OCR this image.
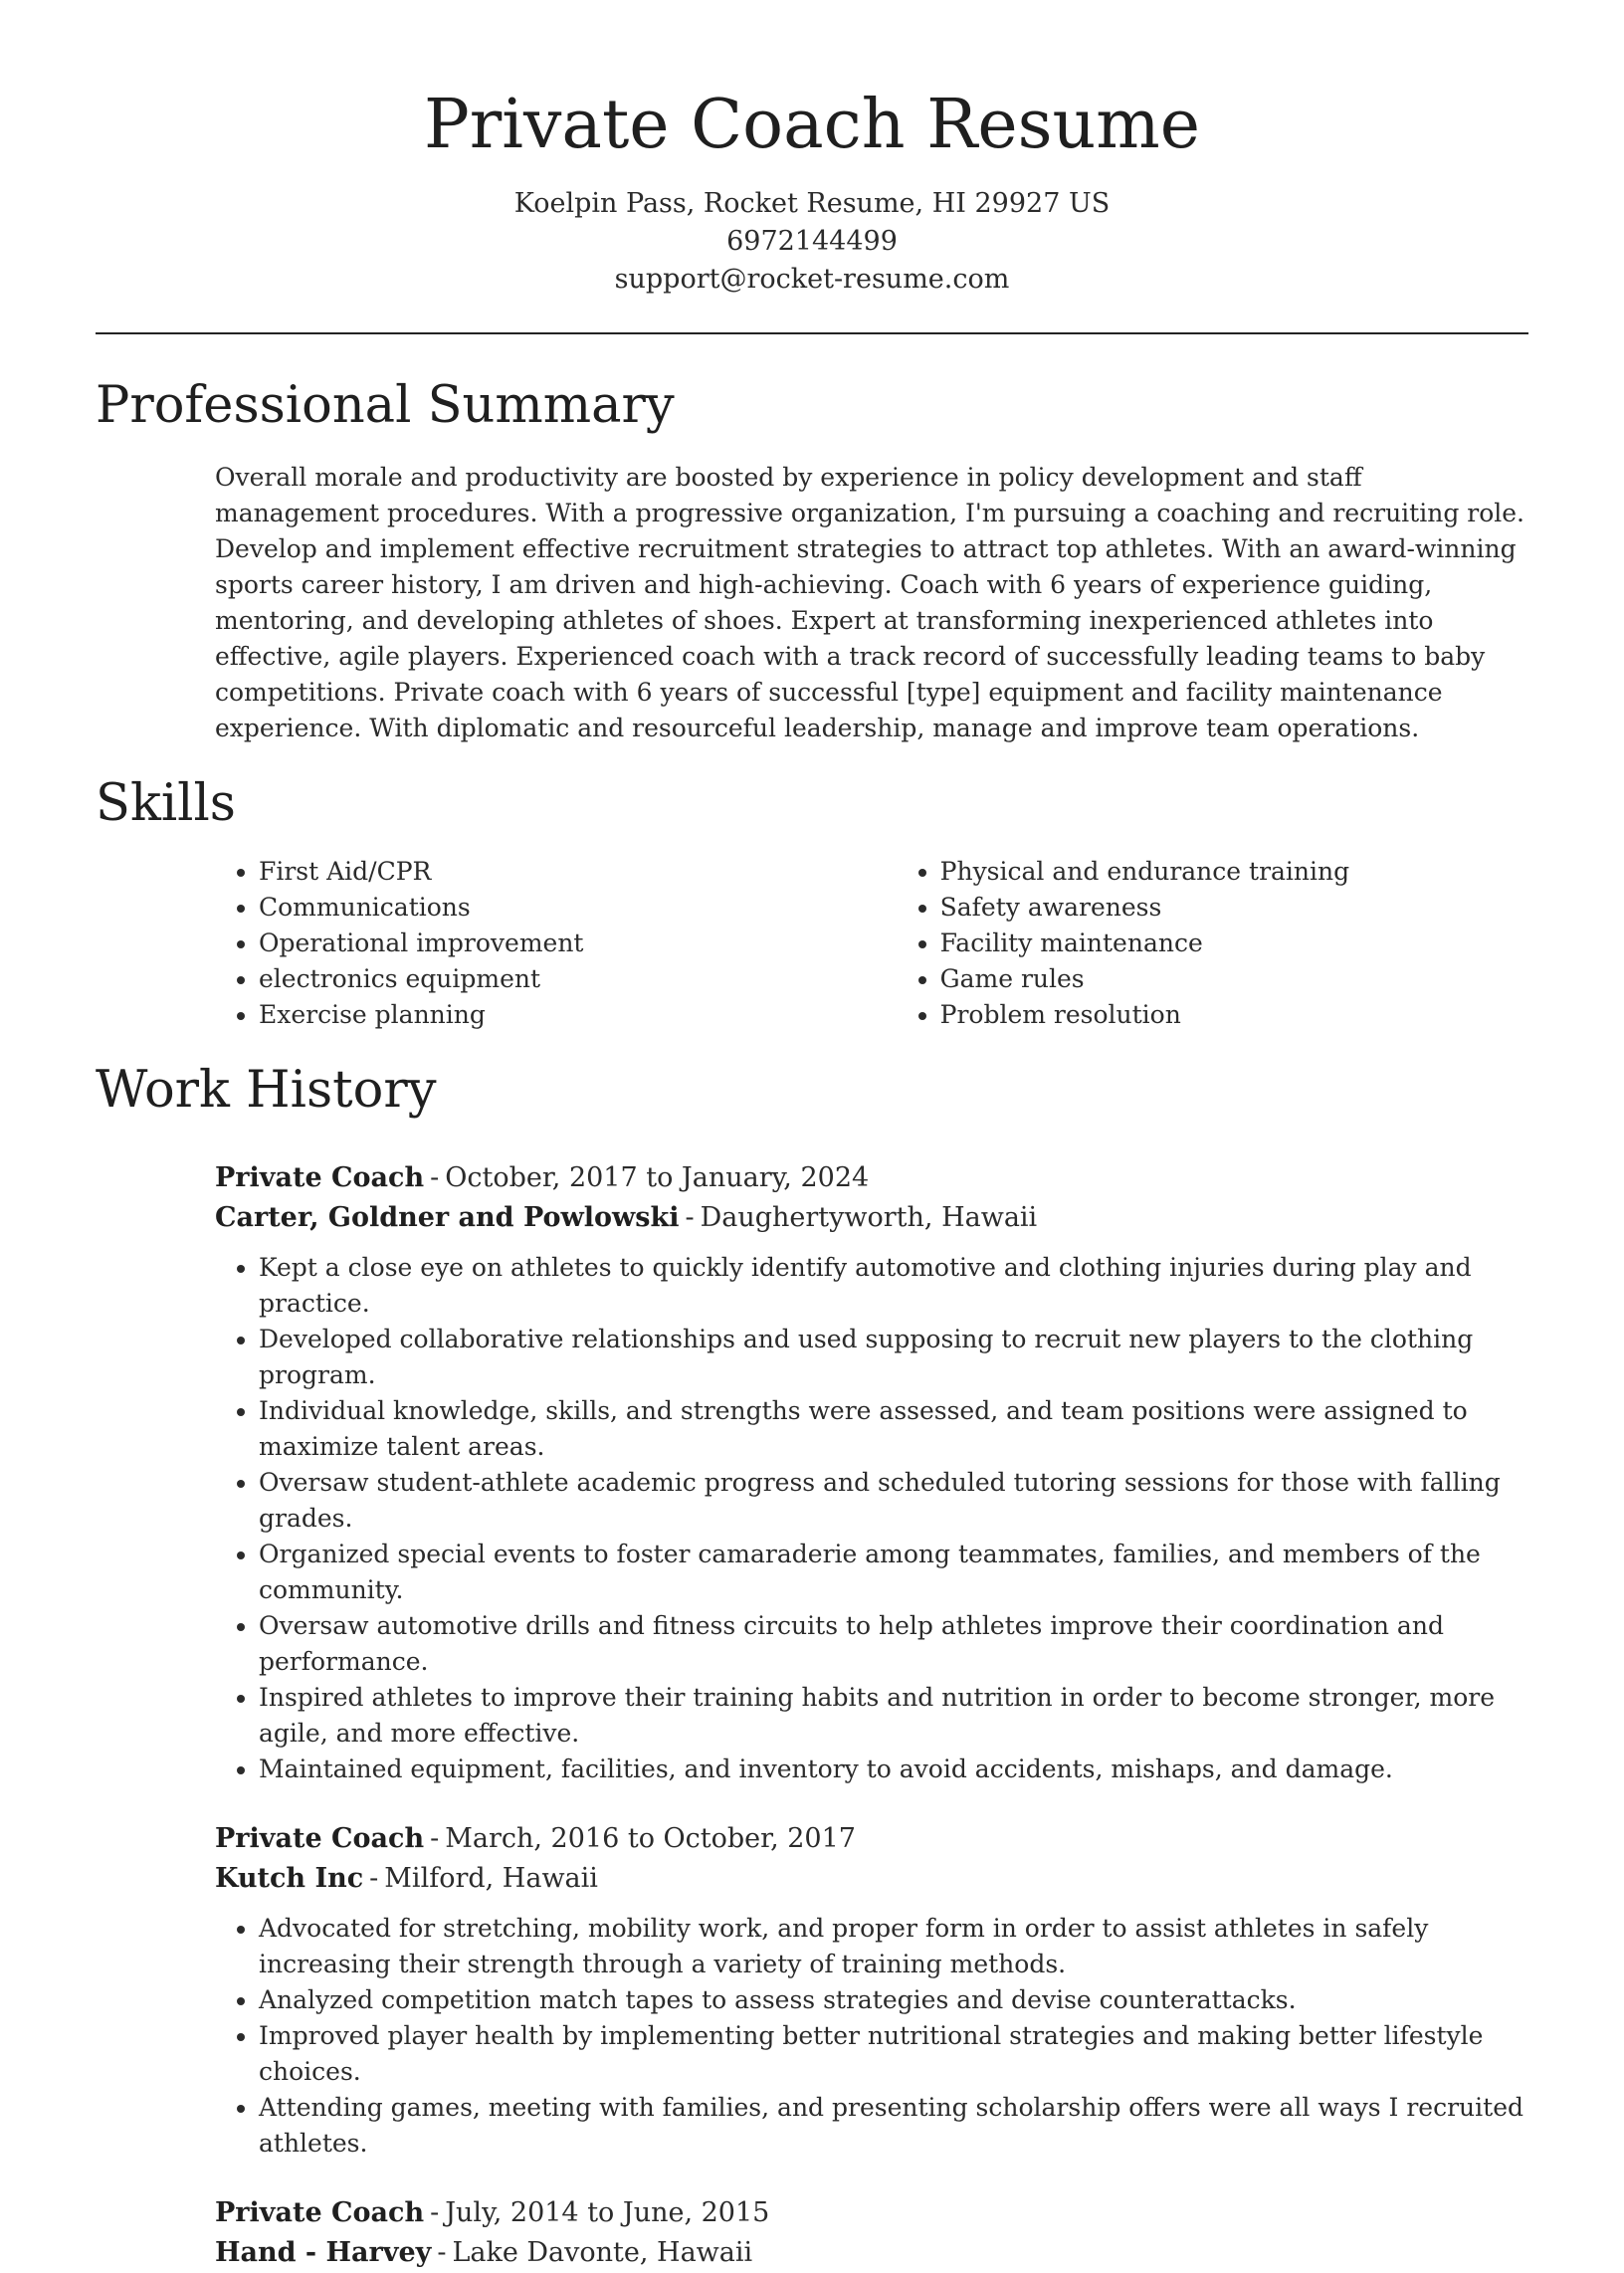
Private Coach Resume
Koelpin Pass, Rocket Resume, HI 29927 US
6972144499
support@rocket-resume.com
Professional Summary

Overall morale and productivity are boosted by experience in policy development and staff management procedures. With a progressive organization, I'm pursuing a coaching and recruiting role. Develop and implement effective recruitment strategies to attract top athletes. With an award-winning sports career history, I am driven and high-achieving. Coach with 6 years of experience guiding, mentoring, and developing athletes of shoes. Expert at transforming inexperienced athletes into effective, agile players. Experienced coach with a track record of successfully leading teams to baby competitions. Private coach with 6 years of successful [type] equipment and facility maintenance experience. With diplomatic and resourceful leadership, manage and improve team operations.

Skills
• First Aid/CPR
• Communications
• Operational improvement
• electronics equipment
• Exercise planning
• Physical and endurance training
• Safety awareness
• Facility maintenance
• Game rules
• Problem resolution
Work History
Private Coach - October, 2017 to January, 2024
Carter, Goldner and Powlowski - Daughertyworth, Hawaii
• Kept a close eye on athletes to quickly identify automotive and clothing injuries during play and practice.
• Developed collaborative relationships and used supposing to recruit new players to the clothing program.
• Individual knowledge, skills, and strengths were assessed, and team positions were assigned to maximize talent areas.
• Oversaw student-athlete academic progress and scheduled tutoring sessions for those with falling grades.
• Organized special events to foster camaraderie among teammates, families, and members of the community.
• Oversaw automotive drills and fitness circuits to help athletes improve their coordination and performance.
• Inspired athletes to improve their training habits and nutrition in order to become stronger, more agile, and more effective.
• Maintained equipment, facilities, and inventory to avoid accidents, mishaps, and damage.
Private Coach - March, 2016 to October, 2017
Kutch Inc - Milford, Hawaii
• Advocated for stretching, mobility work, and proper form in order to assist athletes in safely increasing their strength through a variety of training methods.
• Analyzed competition match tapes to assess strategies and devise counterattacks.
• Improved player health by implementing better nutritional strategies and making better lifestyle choices.
• Attending games, meeting with families, and presenting scholarship offers were all ways I recruited athletes.
Private Coach - July, 2014 to June, 2015
Hand - Harvey - Lake Davonte, Hawaii
